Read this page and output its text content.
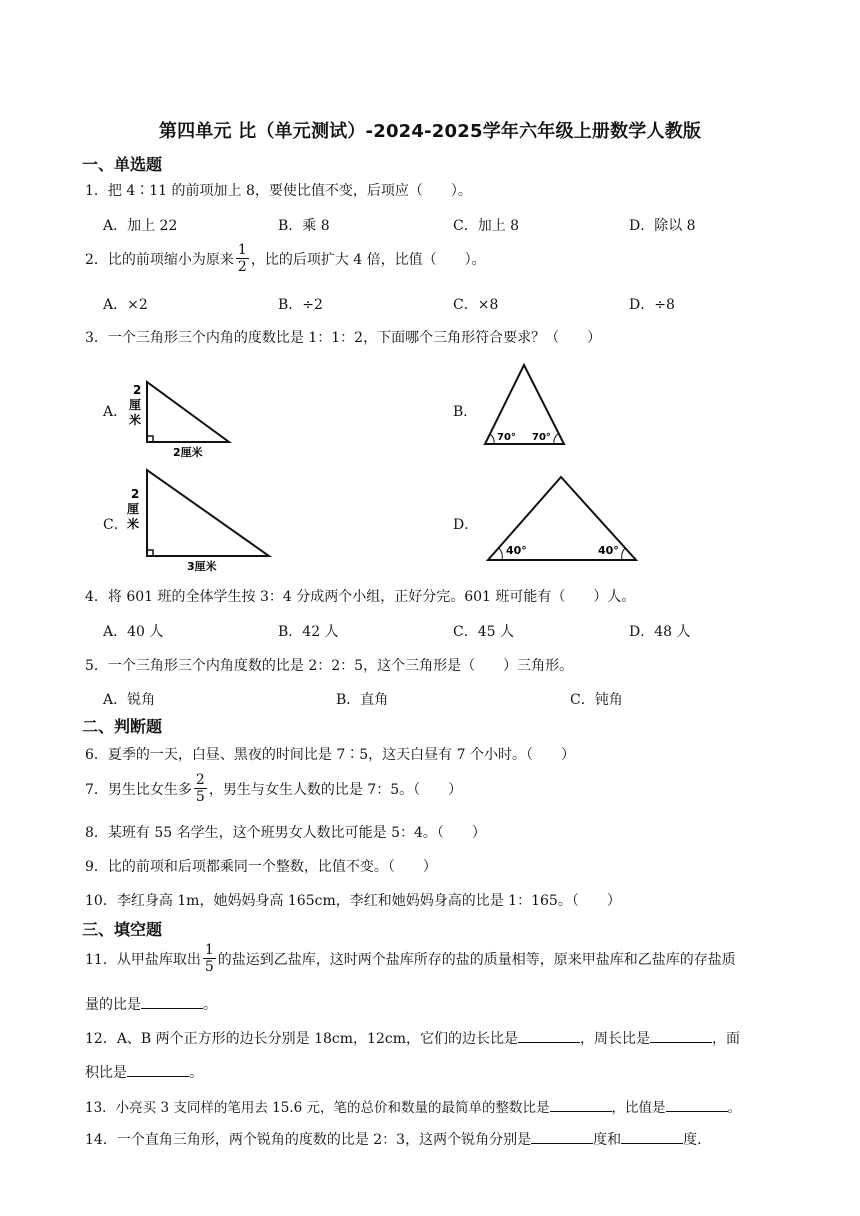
第四单元 比（单元测试）-2024-2025学年六年级上册数学人教版
一、单选题
1．把 4∶11 的前项加上 8，要使比值不变，后项应（　　）。
A．加上 22	B．乘 8	C．加上 8	D．除以 8
2．比的前项缩小为原来 $\frac{1}{2}$ ，比的后项扩大 4 倍，比值（　　）。
A．×2	B．÷2	C．×8	D．÷8
3．一个三角形三个内角的度数比是 1：1：2，下面哪个三角形符合要求？（　　）
A．
2
厘
米
2厘米
B．
70° 70°
C．
2
厘
米
3厘米
D．
40°	40°
4．将 601 班的全体学生按 3：4 分成两个小组，正好分完。601 班可能有（　　）人。
A．40 人	B．42 人	C．45 人	D．48 人
5．一个三角形三个内角度数的比是 2：2：5，这个三角形是（　　）三角形。
A．锐角	B．直角	C．钝角
二、判断题
6．夏季的一天，白昼、黑夜的时间比是 7∶5，这天白昼有 7 个小时。（　　）
7．男生比女生多 $\frac{2}{5}$ ，男生与女生人数的比是 7：5。（　　）
8．某班有 55 名学生，这个班男女人数比可能是 5：4。（　　）
9．比的前项和后项都乘同一个整数，比值不变。（　　）
10．李红身高 1m，她妈妈身高 165cm，李红和她妈妈身高的比是 1：165。（　　）
三、填空题
11．从甲盐库取出 $\frac{1}{5}$ 的盐运到乙盐库，这时两个盐库所存的盐的质量相等，原来甲盐库和乙盐库的存盐质
量的比是	。
12．A、B 两个正方形的边长分别是 18cm，12cm，它们的边长比是	，周长比是	，面
积比是	。
13．小亮买 3 支同样的笔用去 15.6 元，笔的总价和数量的最简单的整数比是	，比值是	。
14．一个直角三角形，两个锐角的度数的比是 2：3，这两个锐角分别是	度和	度.
